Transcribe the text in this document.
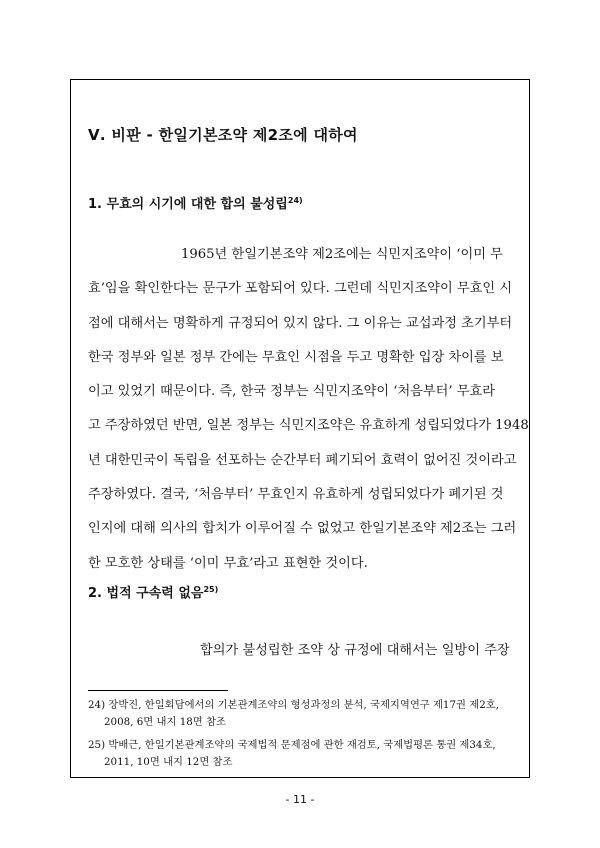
Ⅴ. 비판 - 한일기본조약 제2조에 대하여
1. 무효의 시기에 대한 합의 불성립$^{24)}$
1965년 한일기본조약 제2조에는 식민지조약이 ‘이미 무
효’임을 확인한다는 문구가 포함되어 있다. 그런데 식민지조약이 무효인 시
점에 대해서는 명확하게 규정되어 있지 않다. 그 이유는 교섭과정 초기부터
한국 정부와 일본 정부 간에는 무효인 시점을 두고 명확한 입장 차이를 보
이고 있었기 때문이다. 즉, 한국 정부는 식민지조약이 ‘처음부터’ 무효라
고 주장하였던 반면, 일본 정부는 식민지조약은 유효하게 성립되었다가 1948
년 대한민국이 독립을 선포하는 순간부터 폐기되어 효력이 없어진 것이라고
주장하였다. 결국, ‘처음부터’ 무효인지 유효하게 성립되었다가 폐기된 것
인지에 대해 의사의 합치가 이루어질 수 없었고 한일기본조약 제2조는 그러
한 모호한 상태를 ‘이미 무효’라고 표현한 것이다.
2. 법적 구속력 없음$^{25)}$
합의가 불성립한 조약 상 규정에 대해서는 일방이 주장
24) 장박진, 한일회담에서의 기본관계조약의 형성과정의 분석, 국제지역연구 제17권 제2호,
2008, 6면 내지 18면 참조
25) 박배근, 한일기본관계조약의 국제법적 문제점에 관한 재검토, 국제법평론 통권 제34호,
2011, 10면 내지 12면 참조
- 11 -
